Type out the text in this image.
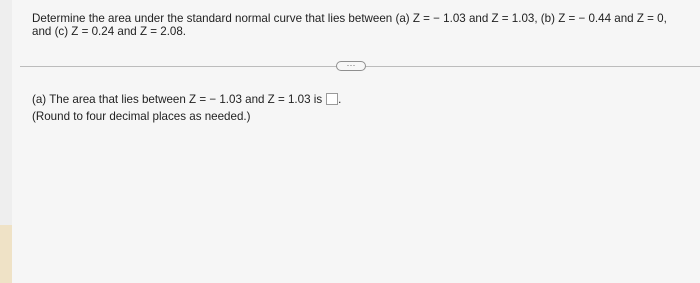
Determine the area under the standard normal curve that lies between (a) Z = − 1.03 and Z = 1.03, (b) Z = − 0.44 and Z = 0,
and (c) Z = 0.24 and Z = 2.08.
···
(a) The area that lies between Z = − 1.03 and Z = 1.03 is .
(Round to four decimal places as needed.)
